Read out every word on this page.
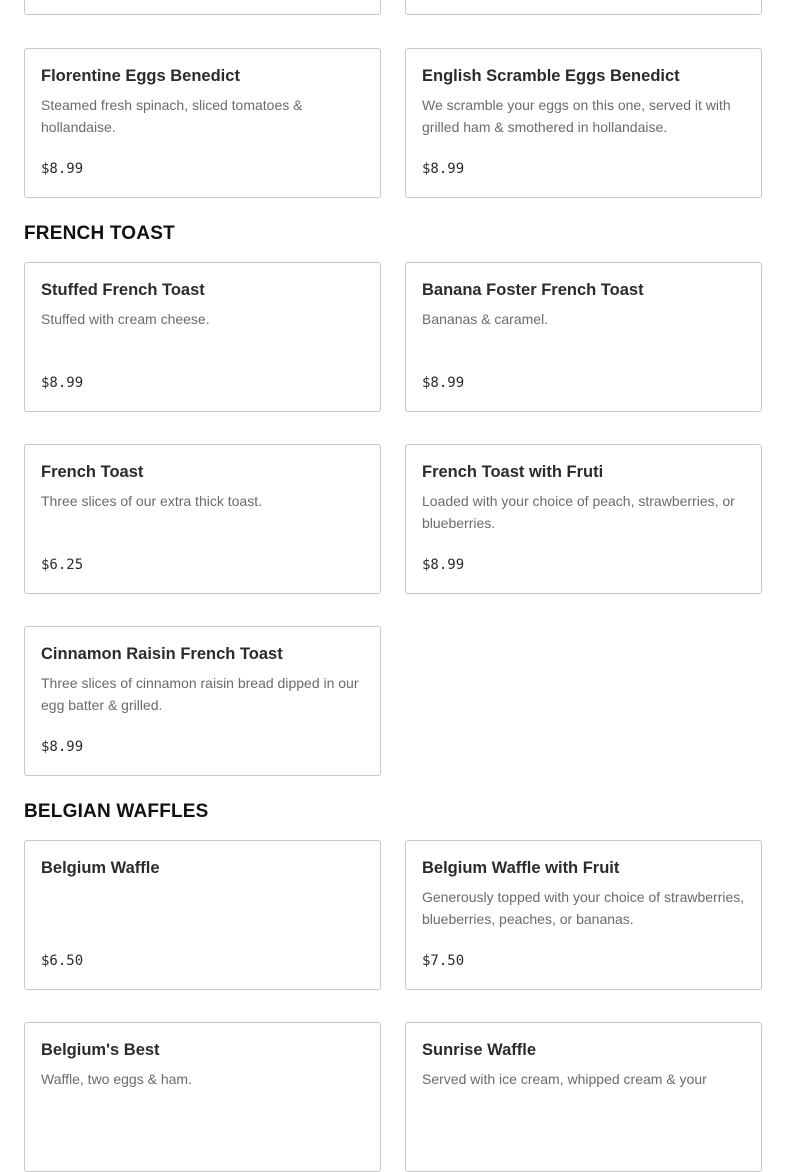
Florentine Eggs Benedict
Steamed fresh spinach, sliced tomatoes & hollandaise.
$8.99
English Scramble Eggs Benedict
We scramble your eggs on this one, served it with grilled ham & smothered in hollandaise.
$8.99
FRENCH TOAST
Stuffed French Toast
Stuffed with cream cheese.
$8.99
Banana Foster French Toast
Bananas & caramel.
$8.99
French Toast
Three slices of our extra thick toast.
$6.25
French Toast with Fruti
Loaded with your choice of peach, strawberries, or blueberries.
$8.99
Cinnamon Raisin French Toast
Three slices of cinnamon raisin bread dipped in our egg batter & grilled.
$8.99
BELGIAN WAFFLES
Belgium Waffle
$6.50
Belgium Waffle with Fruit
Generously topped with your choice of strawberries, blueberries, peaches, or bananas.
$7.50
Belgium's Best
Waffle, two eggs & ham.
Sunrise Waffle
Served with ice cream, whipped cream & your
